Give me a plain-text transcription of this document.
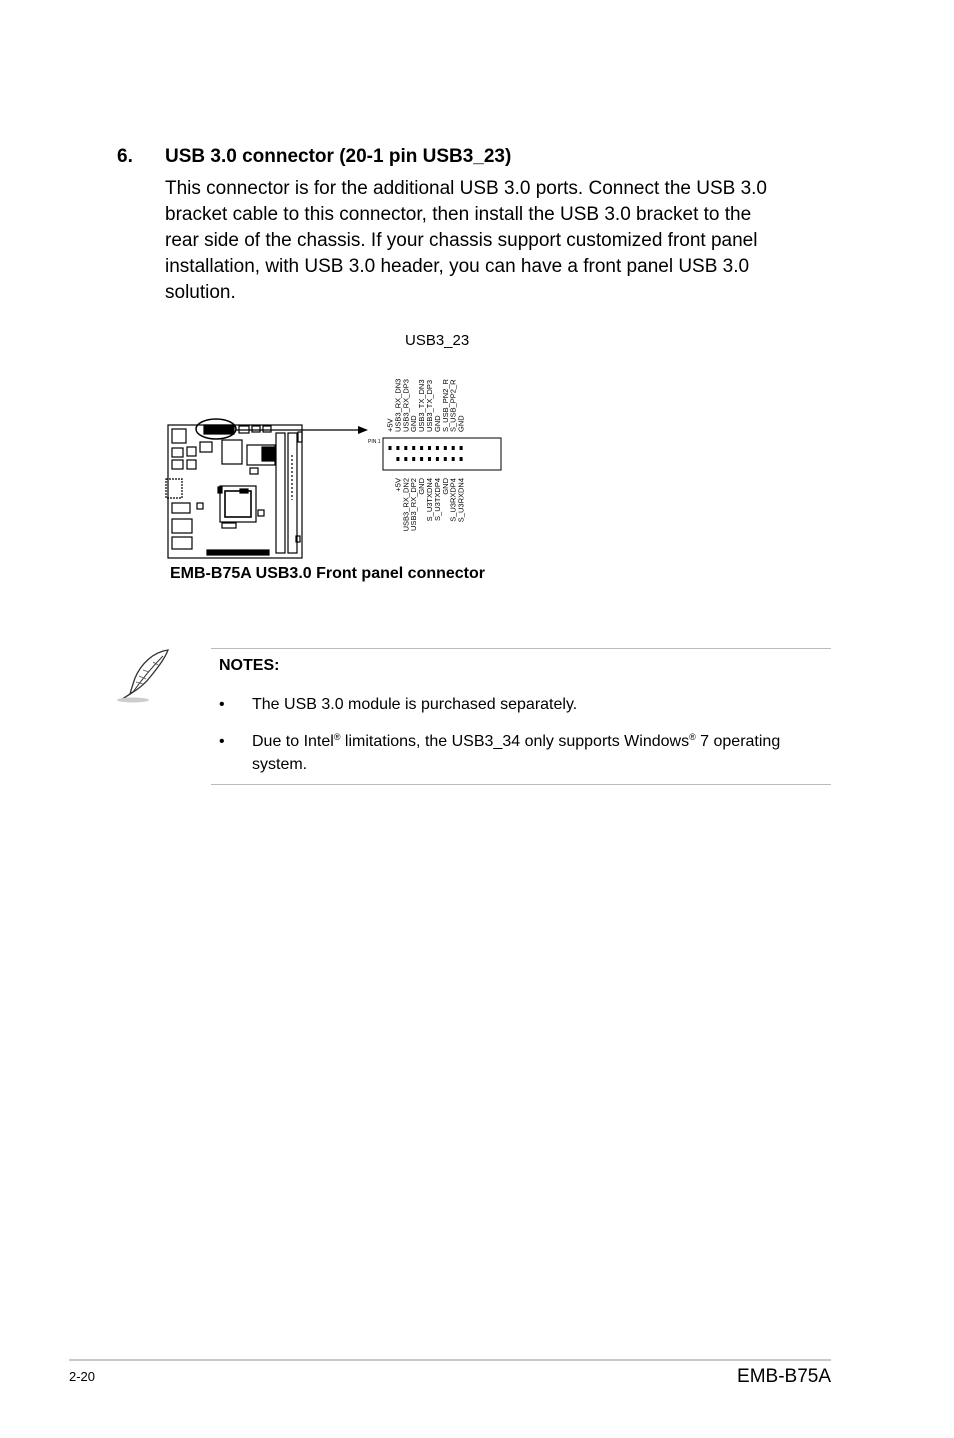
6. USB 3.0 connector (20-1 pin USB3_23)
This connector is for the additional USB 3.0 ports. Connect the USB 3.0
bracket cable to this connector, then install the USB 3.0 bracket to the
rear side of the chassis. If your chassis support customized front panel
installation, with USB 3.0 header, you can have a front panel USB 3.0
solution.
USB3_23
PIN 1
+5V
USB3_RX_DN3
USB3_RX_DP3
GND
USB3_TX_DN3
USB3_TX_DP3
GND
S_USB_PN2_R
S_USB_PP2_R
GND
+5V
USB3_RX_DN2
USB3_RX_DP2
GND
S_U3TXDN4
S_U3TXDP4
GND
S_U3RXDP4
S_U3RXDN4
EMB-B75A USB3.0 Front panel connector
NOTES:
• The USB 3.0 module is purchased separately.
• Due to Intel® limitations, the USB3_34 only supports Windows® 7 operating
system.
2-20	EMB-B75A
